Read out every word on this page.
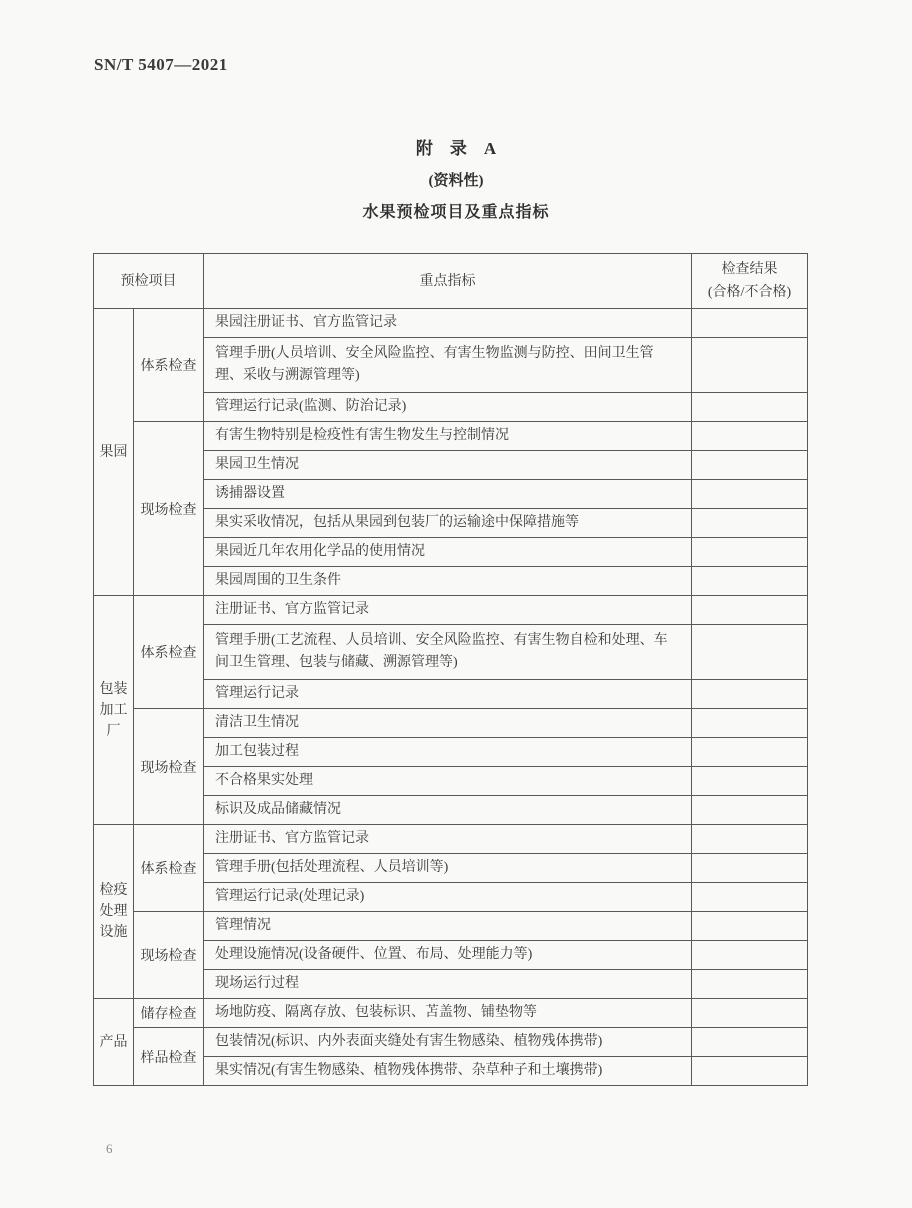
SN/T 5407—2021
附　录　A
(资料性)
水果预检项目及重点指标
预检项目		重点指标	检查结果
(合格/不合格)

果园	体系检查	果园注册证书、官方监管记录	
		管理手册(人员培训、安全风险监控、有害生物监测与防控、田间卫生管理、采收与溯源管理等)	
		管理运行记录(监测、防治记录)	
	现场检查	有害生物特别是检疫性有害生物发生与控制情况	
		果园卫生情况	
		诱捕器设置	
		果实采收情况，包括从果园到包装厂的运输途中保障措施等	
		果园近几年农用化学品的使用情况	
		果园周围的卫生条件	
包装加工厂	体系检查	注册证书、官方监管记录	
		管理手册(工艺流程、人员培训、安全风险监控、有害生物自检和处理、车间卫生管理、包装与储藏、溯源管理等)	
		管理运行记录	
	现场检查	清洁卫生情况	
		加工包装过程	
		不合格果实处理	
		标识及成品储藏情况	
检疫处理设施	体系检查	注册证书、官方监管记录	
		管理手册(包括处理流程、人员培训等)	
		管理运行记录(处理记录)	
	现场检查	管理情况	
		处理设施情况(设备硬件、位置、布局、处理能力等)	
		现场运行过程	
产品	储存检查	场地防疫、隔离存放、包装标识、苫盖物、铺垫物等	
	样品检查	包装情况(标识、内外表面夹缝处有害生物感染、植物残体携带)	
		果实情况(有害生物感染、植物残体携带、杂草种子和土壤携带)	
6
